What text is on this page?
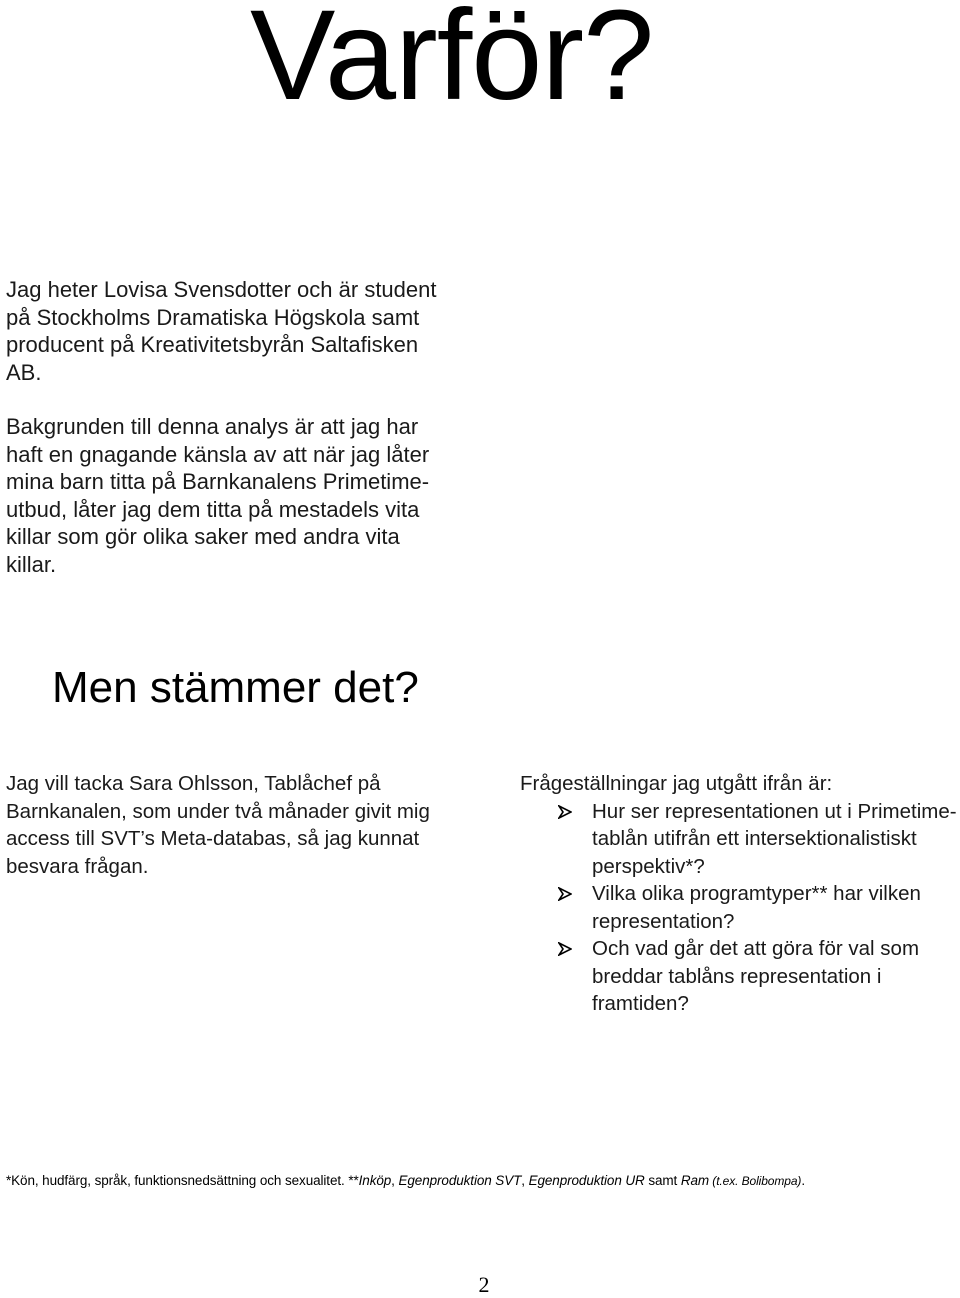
Varför?

Jag heter Lovisa Svensdotter och är student på Stockholms Dramatiska Högskola samt producent på Kreativitetsbyrån Saltafisken AB.

Bakgrunden till denna analys är att jag har haft en gnagande känsla av att när jag låter mina barn titta på Barnkanalens Primetime-utbud, låter jag dem titta på mestadels vita killar som gör olika saker med andra vita killar.

Men stämmer det?
Jag vill tacka Sara Ohlsson, Tablåchef på Barnkanalen, som under två månader givit mig access till SVT’s Meta-databas, så jag kunnat besvara frågan.

Frågeställningar jag utgått ifrån är:

Hur ser representationen ut i Primetime-tablån utifrån ett intersektionalistiskt perspektiv*?
Vilka olika programtyper** har vilken representation?
Och vad går det att göra för val som breddar tablåns representation i framtiden?
*Kön, hudfärg, språk, funktionsnedsättning och sexualitet. **Inköp, Egenproduktion SVT, Egenproduktion UR samt Ram (t.ex. Bolibompa).
2
